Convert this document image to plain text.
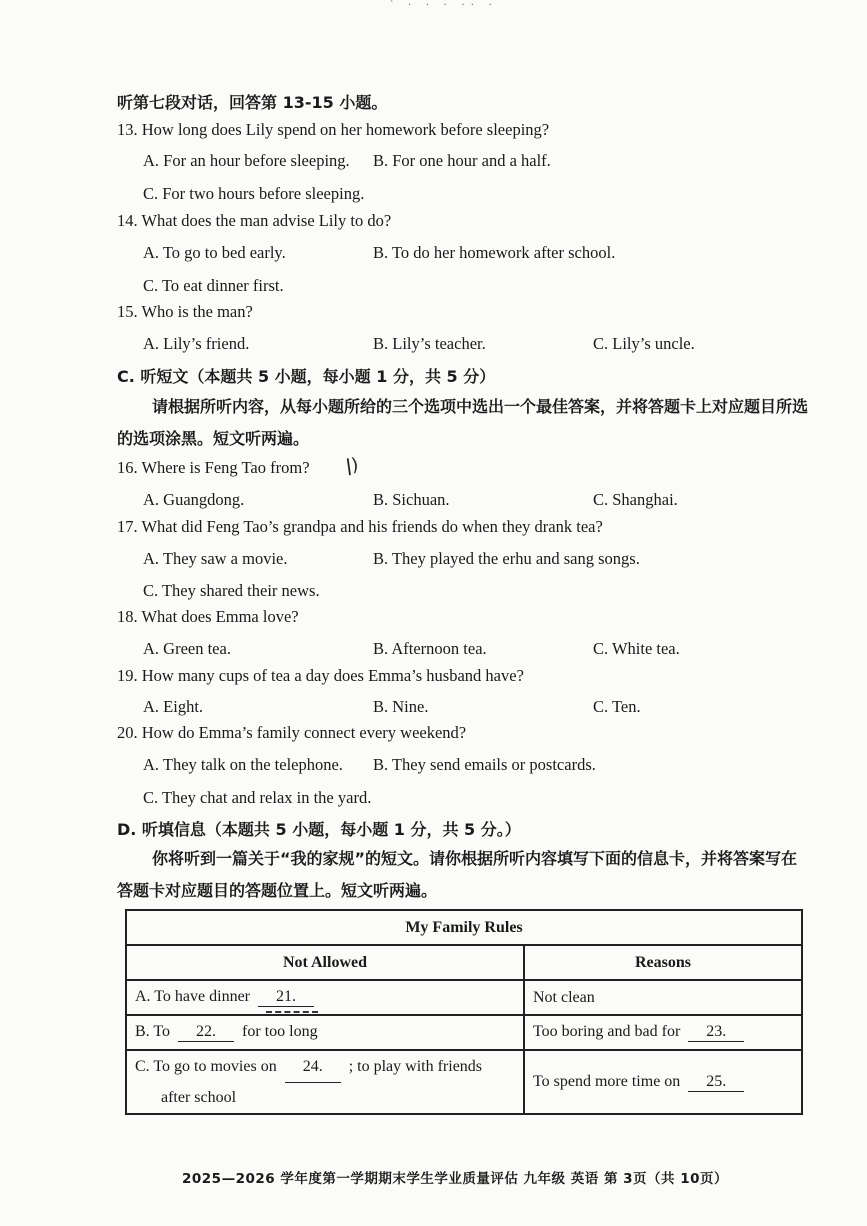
` · · · ·· ·
听第七段对话，回答第 13-15 小题。
13. How long does Lily spend on her homework before sleeping?
A. For an hour before sleeping. B. For one hour and a half.
C. For two hours before sleeping.
14. What does the man advise Lily to do?
A. To go to bed early.	B. To do her homework after school.
C. To eat dinner first.
15. Who is the man?
A. Lily’s friend.	B. Lily’s teacher.	C. Lily’s uncle.
C. 听短文（本题共 5 小题，每小题 1 分，共 5 分）
请根据所听内容，从每小题所给的三个选项中选出一个最佳答案，并将答题卡上对应题目所选的选项涂黑。短文听两遍。
16. Where is Feng Tao from? ǀ)
A. Guangdong.	B. Sichuan.	C. Shanghai.
17. What did Feng Tao’s grandpa and his friends do when they drank tea?
A. They saw a movie.	B. They played the erhu and sang songs.
C. They shared their news.
18. What does Emma love?
A. Green tea.	B. Afternoon tea.	C. White tea.
19. How many cups of tea a day does Emma’s husband have?
A. Eight.	B. Nine.	C. Ten.
20. How do Emma’s family connect every weekend?
A. They talk on the telephone. B. They send emails or postcards.
C. They chat and relax in the yard.
D. 听填信息（本题共 5 小题，每小题 1 分，共 5 分。）
你将听到一篇关于“我的家规”的短文。请你根据所听内容填写下面的信息卡，并将答案写在答题卡对应题目的答题位置上。短文听两遍。
My Family Rules	
Not Allowed	Reasons
A. To have dinner 21.	Not clean
B. To 22. for too long	Too boring and bad for 23.

C. To go to movies on 24. ; to play with friends
after school	To spend more time on 25.
2025—2026 学年度第一学期期末学生学业质量评估 九年级 英语 第 3页（共 10页）
